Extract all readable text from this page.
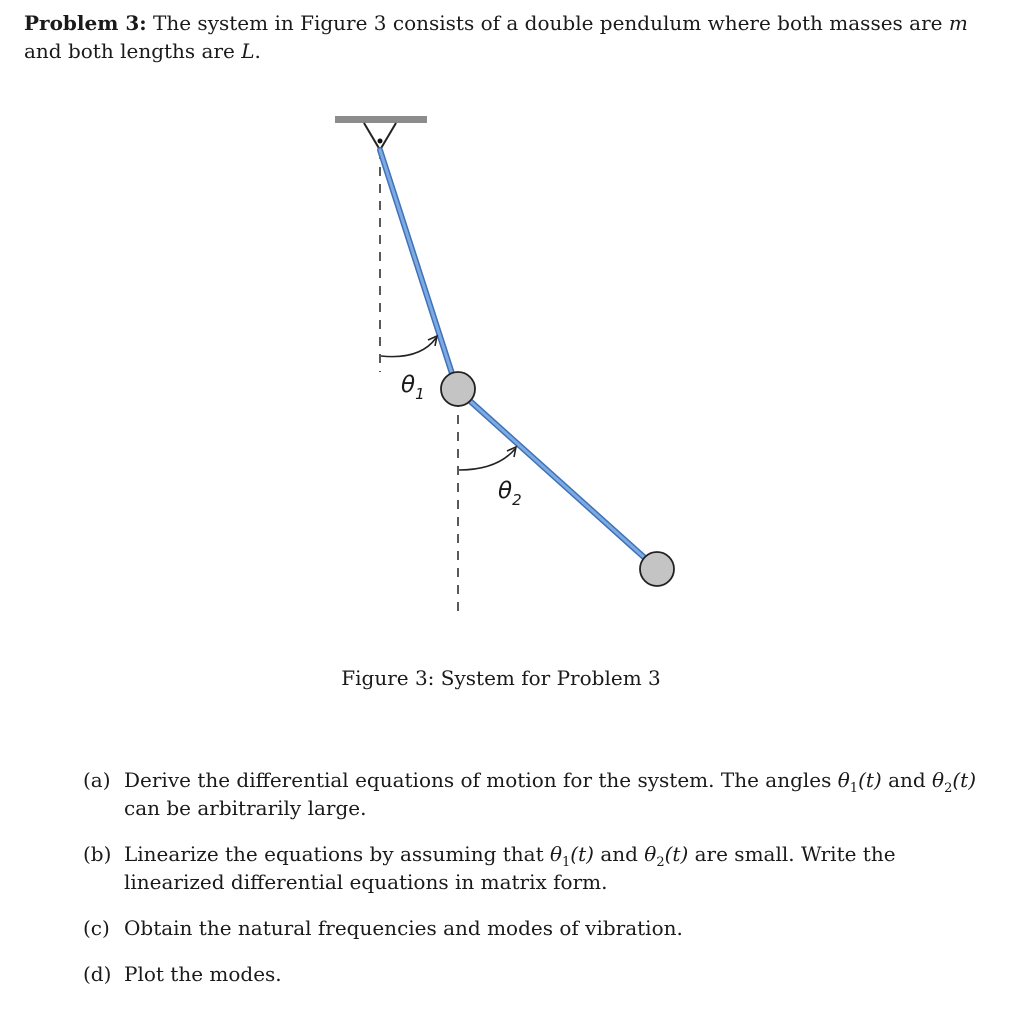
Problem 3: The system in Figure 3 consists of a double pendulum where both masses are m and both lengths are L.

$\theta_1$
$\theta_2$
Figure 3: System for Problem 3
(a) Derive the differential equations of motion for the system. The angles $\theta_1(t)$ and $\theta_2(t)$ can be arbitrarily large.
(b) Linearize the equations by assuming that $\theta_1(t)$ and $\theta_2(t)$ are small. Write the linearized differential equations in matrix form.
(c) Obtain the natural frequencies and modes of vibration.
(d) Plot the modes.
